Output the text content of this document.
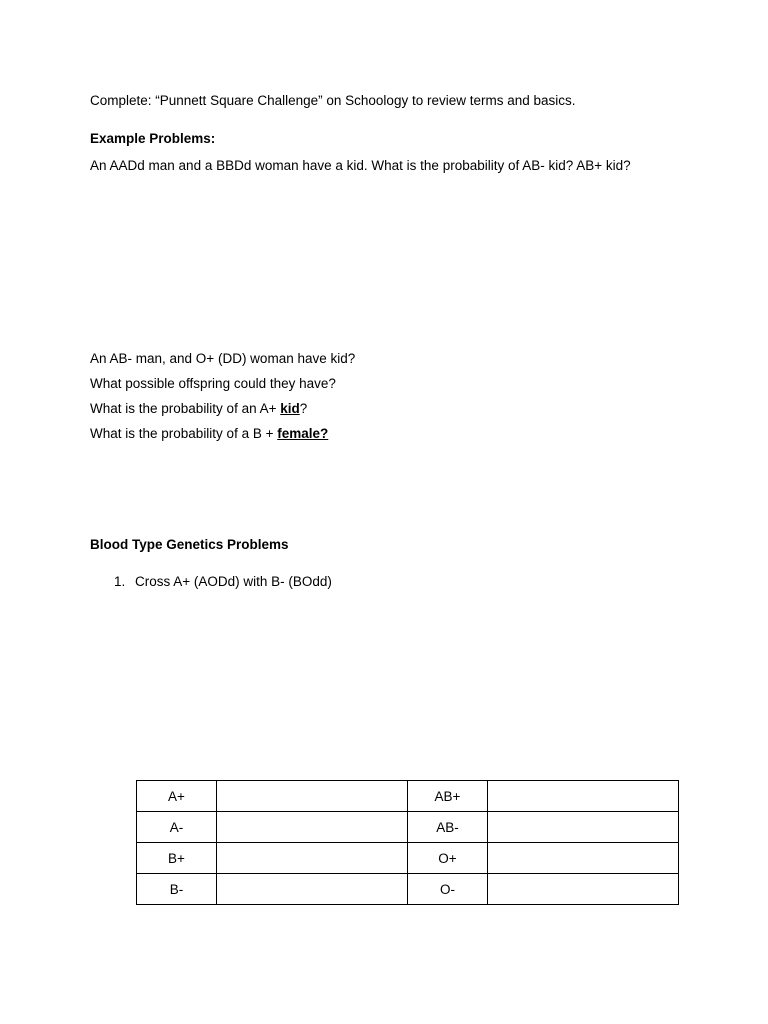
Complete: “Punnett Square Challenge” on Schoology to review terms and basics.
Example Problems:
An AADd man and a BBDd woman have a kid. What is the probability of AB- kid? AB+ kid?
An AB- man, and O+ (DD) woman have kid?
What possible offspring could they have?
What is the probability of an A+ kid?
What is the probability of a B + female?
Blood Type Genetics Problems
1. Cross A+ (AODd) with B- (BOdd)
A+		AB+	
A-		AB-	
B+		O+	
B-		O-	
